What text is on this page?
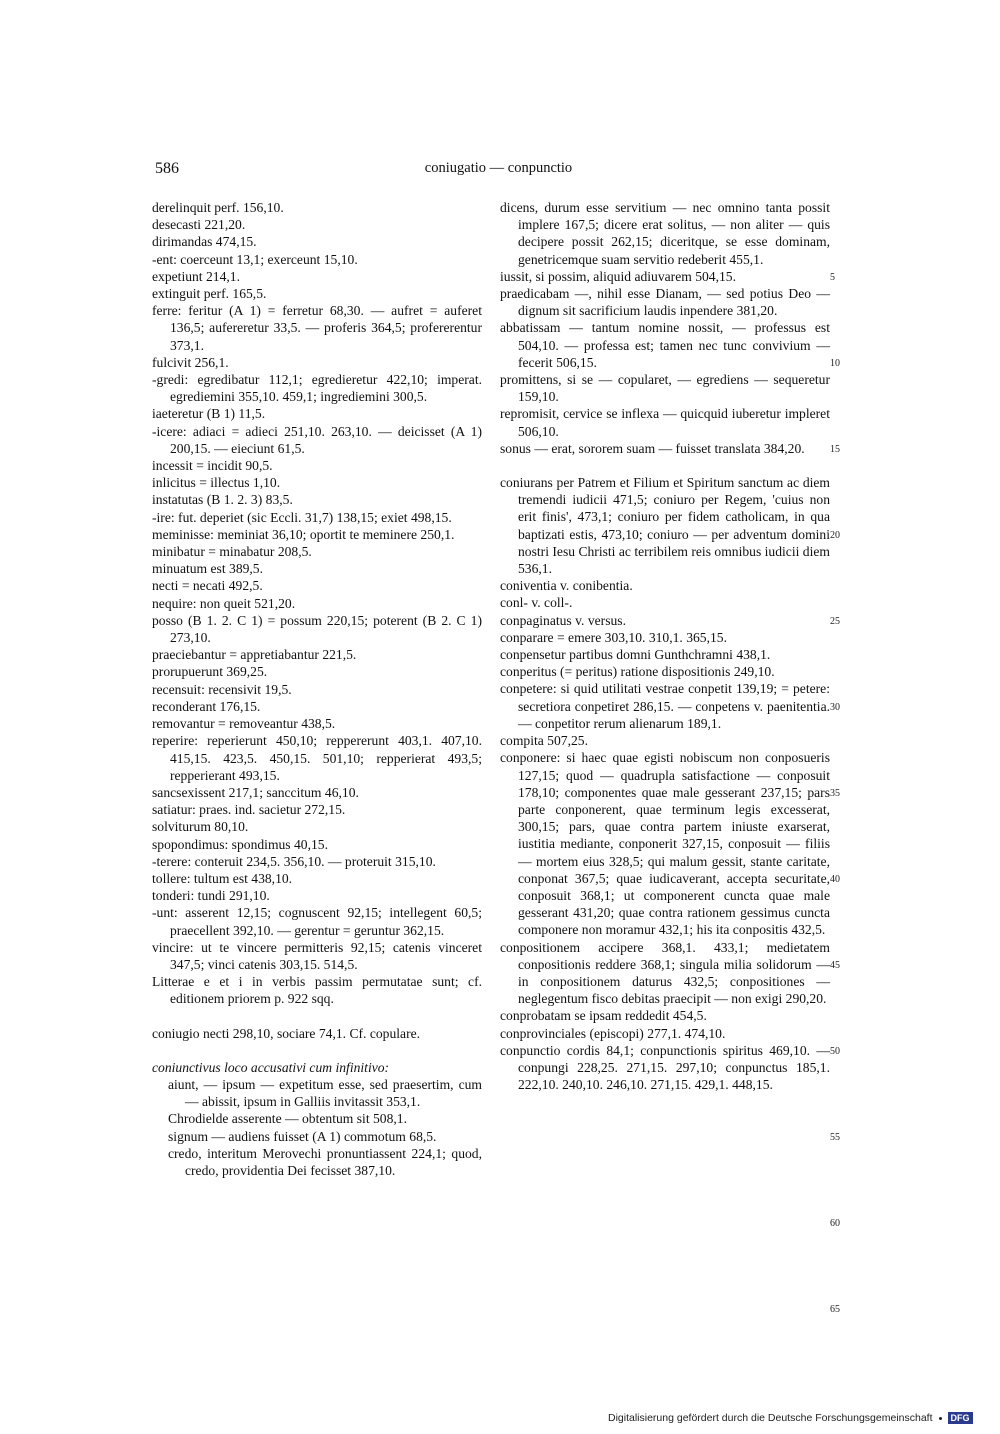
586	coniugatio — conpunctio
derelinquit perf. 156,10.
desecasti 221,20.
dirimandas 474,15.
-ent: coerceunt 13,1; exerceunt 15,10.
expetiunt 214,1.
extinguit perf. 165,5.
ferre: feritur (A 1) = ferretur 68,30. — aufret = auferet 136,5; aufereretur 33,5. — proferis 364,5; profererentur 373,1.
fulcivit 256,1.
-gredi: egredibatur 112,1; egredieretur 422,10; imperat. egrediemini 355,10. 459,1; ingrediemini 300,5.
iaeteretur (B 1) 11,5.
-icere: adiaci = adieci 251,10. 263,10. — deicisset (A 1) 200,15. — eieciunt 61,5.
incessit = incidit 90,5.
inlicitus = illectus 1,10.
instatutas (B 1. 2. 3) 83,5.
-ire: fut. deperiet (sic Eccli. 31,7) 138,15; exiet 498,15.
meminisse: meminiat 36,10; oportit te meminere 250,1.
minibatur = minabatur 208,5.
minuatum est 389,5.
necti = necati 492,5.
nequire: non queit 521,20.
posso (B 1. 2. C 1) = possum 220,15; poterent (B 2. C 1) 273,10.
praeciebantur = appretiabantur 221,5.
prorupuerunt 369,25.
recensuit: recensivit 19,5.
reconderant 176,15.
removantur = removeantur 438,5.
reperire: reperierunt 450,10; reppererunt 403,1. 407,10. 415,15. 423,5. 450,15. 501,10; repperierat 493,5; repperierant 493,15.
sancsexissent 217,1; sanccitum 46,10.
satiatur: praes. ind. sacietur 272,15.
solviturum 80,10.
spopondimus: spondimus 40,15.
-terere: conteruit 234,5. 356,10. — proteruit 315,10.
tollere: tultum est 438,10.
tonderi: tundi 291,10.
-unt: asserent 12,15; cognuscent 92,15; intellegent 60,5; praecellent 392,10. — gerentur = geruntur 362,15.
vincire: ut te vincere permitteris 92,15; catenis vinceret 347,5; vinci catenis 303,15. 514,5.
Litterae e et i in verbis passim permutatae sunt; cf. editionem priorem p. 922 sqq.
coniugio necti 298,10, sociare 74,1. Cf. copulare.
coniunctivus loco accusativi cum infinitivo:
aiunt, — ipsum — expetitum esse, sed praesertim, cum — abissit, ipsum in Galliis invitassit 353,1.
Chrodielde asserente — obtentum sit 508,1.
signum — audiens fuisset (A 1) commotum 68,5.
credo, interitum Merovechi pronuntiassent 224,1; quod, credo, providentia Dei fecisset 387,10.
dicens, durum esse servitium — nec omnino tanta possit implere 167,5; dicere erat solitus, — non aliter — quis decipere possit 262,15; diceritque, se esse dominam, genetricemque suam servitio redeberit 455,1.
iussit, si possim, aliquid adiuvarem 504,15.
praedicabam —, nihil esse Dianam, — sed potius Deo — dignum sit sacrificium laudis inpendere 381,20.
abbatissam — tantum nomine nossit, — professus est 504,10. — professa est; tamen nec tunc convivium — fecerit 506,15.
promittens, si se — copularet, — egrediens — sequeretur 159,10.
repromisit, cervice se inflexa — quicquid iuberetur impleret 506,10.
sonus — erat, sororem suam — fuisset translata 384,20.
coniurans per Patrem et Filium et Spiritum sanctum ac diem tremendi iudicii 471,5; coniuro per Regem, 'cuius non erit finis', 473,1; coniuro per fidem catholicam, in qua baptizati estis, 473,10; coniuro — per adventum domini nostri Iesu Christi ac terribilem reis omnibus iudicii diem 536,1.
coniventia v. conibentia.
conl- v. coll-.
conpaginatus v. versus.
conparare = emere 303,10. 310,1. 365,15.
conpensetur partibus domni Gunthchramni 438,1.
conperitus (= peritus) ratione dispositionis 249,10.
conpetere: si quid utilitati vestrae conpetit 139,19; = petere: secretiora conpetiret 286,15. — conpetens v. paenitentia. — conpetitor rerum alienarum 189,1.
compita 507,25.
conponere: si haec quae egisti nobiscum non conposueris 127,15; quod — quadrupla satisfactione — conposuit 178,10; componentes quae male gesserant 237,15; pars parte conponerent, quae terminum legis excesserat, 300,15; pars, quae contra partem iniuste exarserat, iustitia mediante, conponerit 327,15, conposuit — filiis — mortem eius 328,5; qui malum gessit, stante caritate, conponat 367,5; quae iudicaverant, accepta securitate, conposuit 368,1; ut componerent cuncta quae male gesserant 431,20; quae contra rationem gessimus cuncta componere non moramur 432,1; his ita conpositis 432,5.
conpositionem accipere 368,1. 433,1; medietatem conpositionis reddere 368,1; singula milia solidorum — in conpositionem daturus 432,5; conpositiones — neglegentum fisco debitas praecipit — non exigi 290,20.
conprobatam se ipsam reddedit 454,5.
conprovinciales (episcopi) 277,1. 474,10.
conpunctio cordis 84,1; conpunctionis spiritus 469,10. — conpungi 228,25. 271,15. 297,10; conpunctus 185,1. 222,10. 240,10. 246,10. 271,15. 429,1. 448,15.
5
10
15
20
25
30
35
40
45
50
55
60
65
Digitalisierung gefördert durch die Deutsche Forschungsgemeinschaft	DFG
